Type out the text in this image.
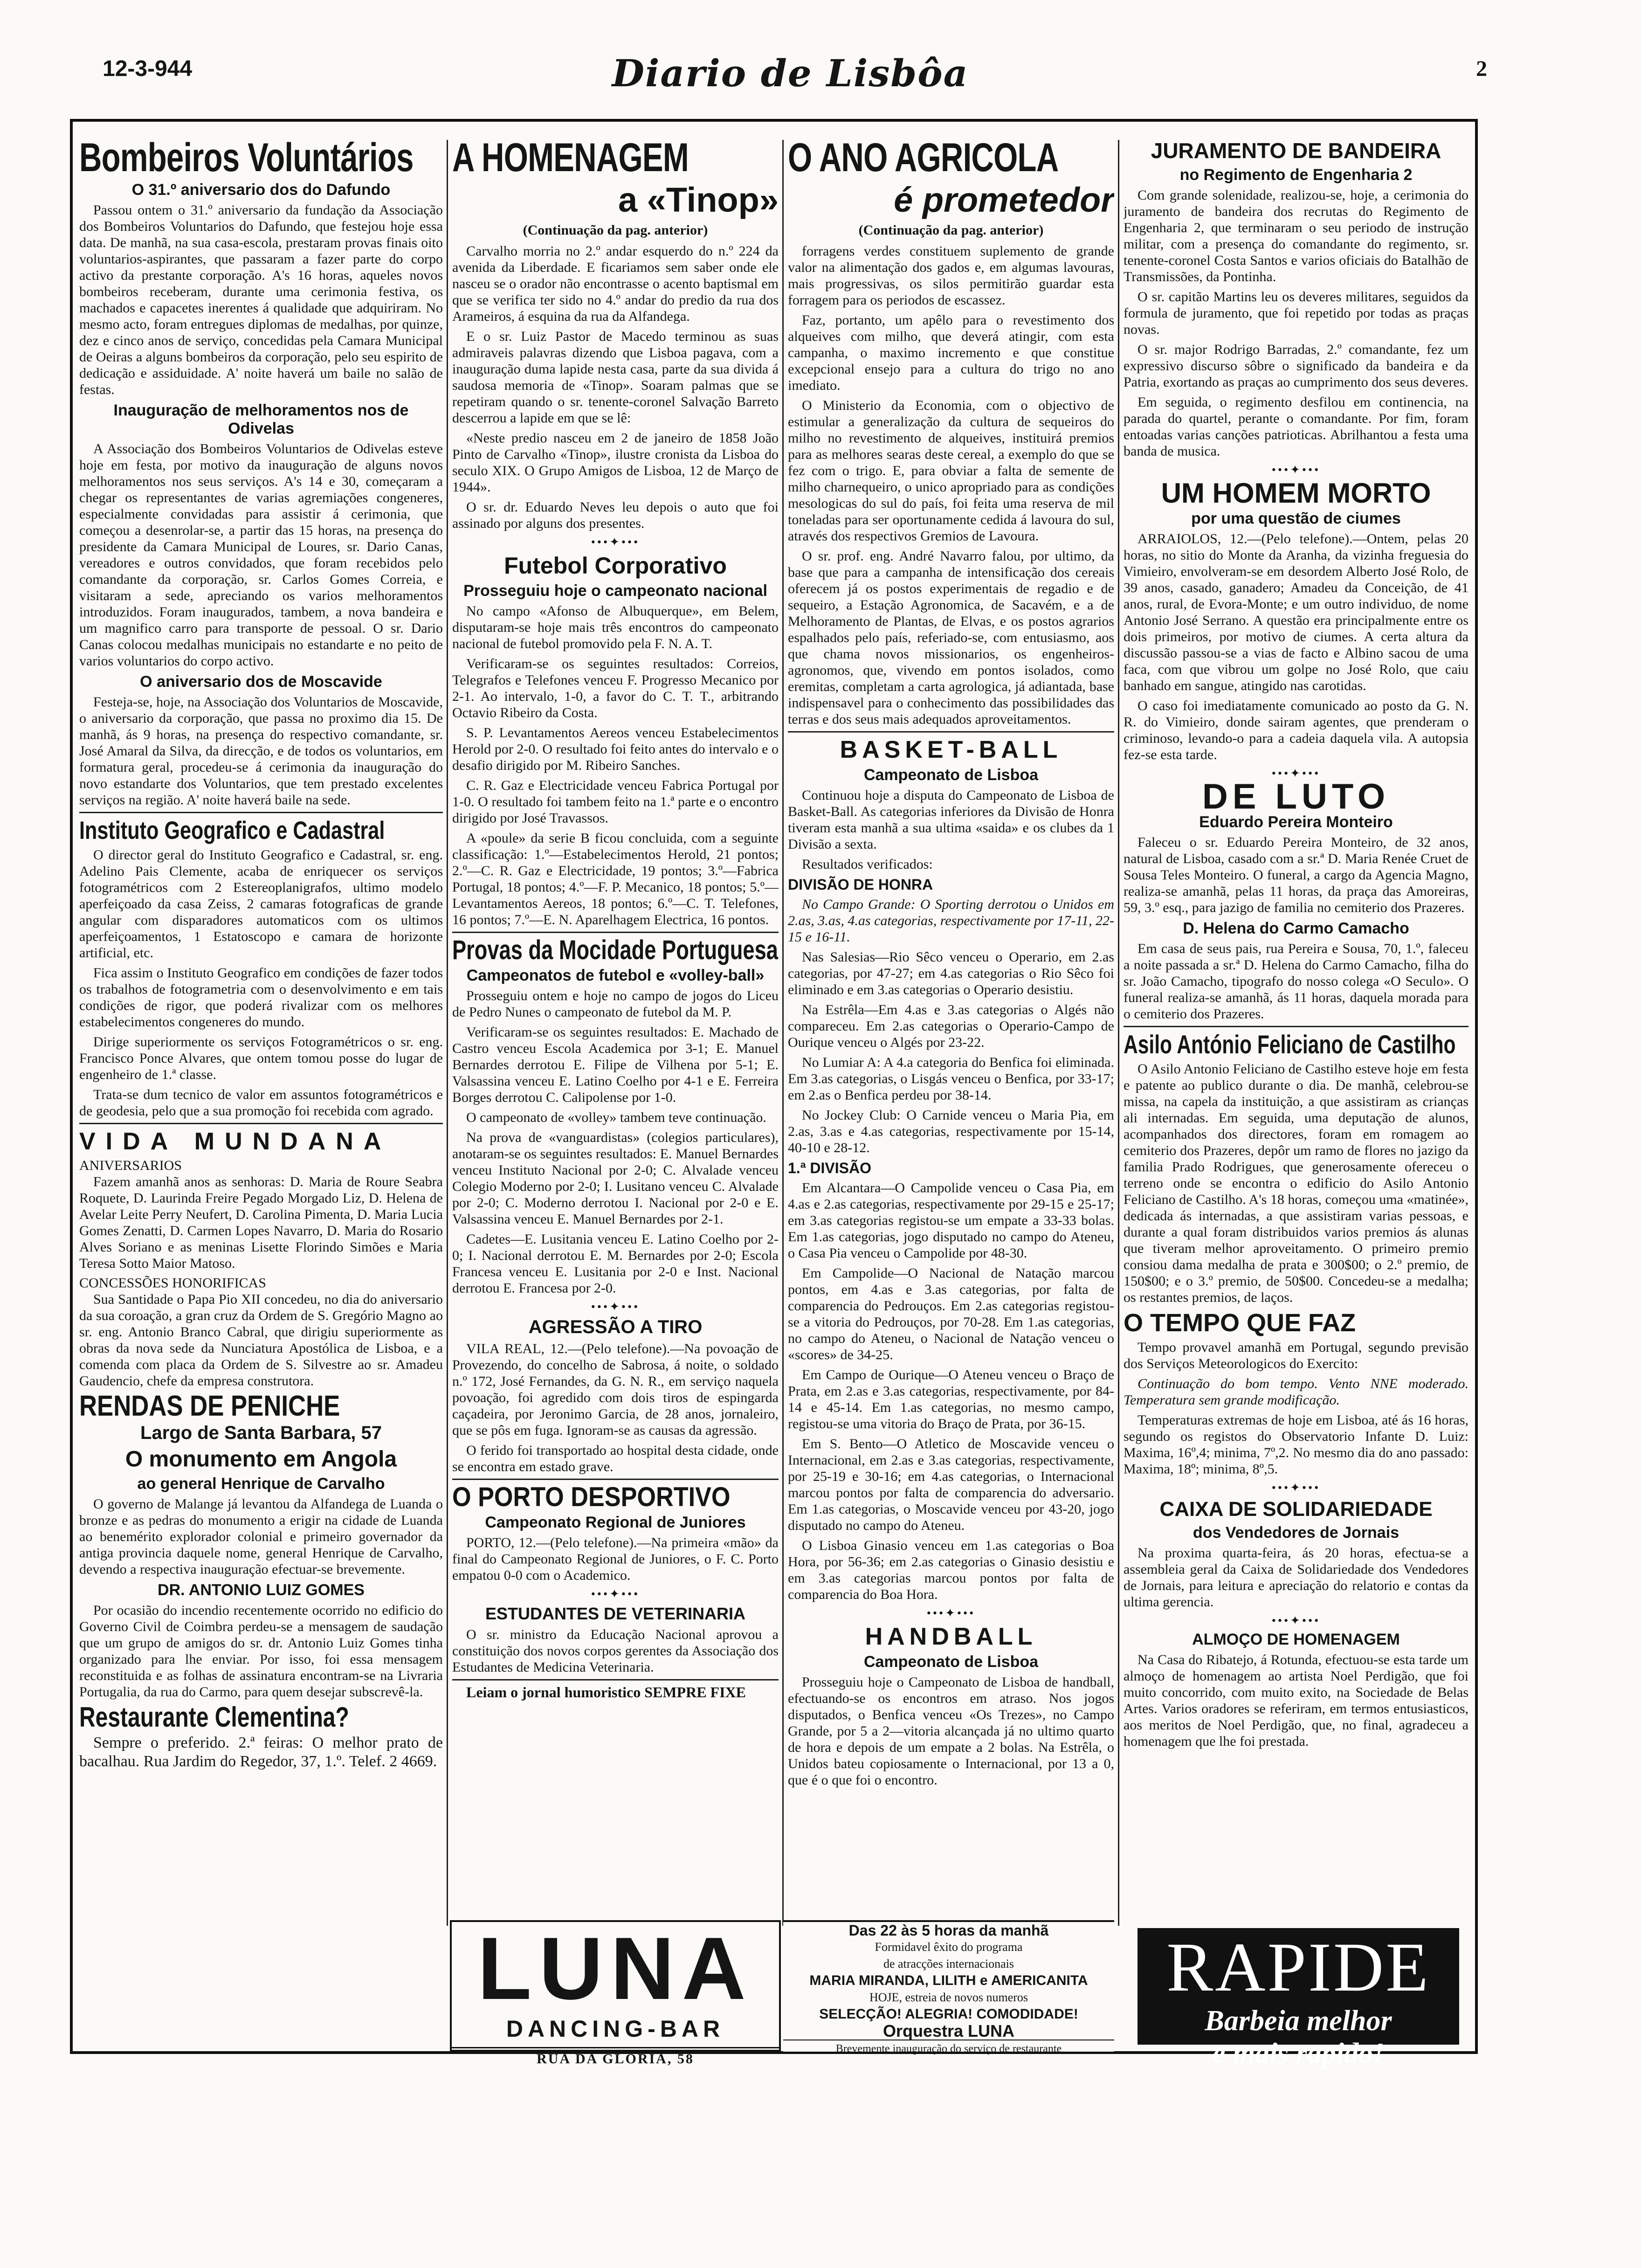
12-3-944	Diario de Lisbôa	2
Bombeiros Voluntários
O 31.º aniversario dos do Dafundo

Passou ontem o 31.º aniversario da fundação da Associação dos Bombeiros Voluntarios do Dafundo, que festejou hoje essa data. De manhã, na sua casa-escola, prestaram provas finais oito voluntarios-aspirantes, que passaram a fazer parte do corpo activo da prestante corporação. A's 16 horas, aqueles novos bombeiros receberam, durante uma cerimonia festiva, os machados e capacetes inerentes á qualidade que adquiriram. No mesmo acto, foram entregues diplomas de medalhas, por quinze, dez e cinco anos de serviço, concedidas pela Camara Municipal de Oeiras a alguns bombeiros da corporação, pelo seu espirito de dedicação e assiduidade. A' noite haverá um baile no salão de festas.

Inauguração de melhoramentos nos de Odivelas

A Associação dos Bombeiros Voluntarios de Odivelas esteve hoje em festa, por motivo da inauguração de alguns novos melhoramentos nos seus serviços. A's 14 e 30, começaram a chegar os representantes de varias agremiações congeneres, especialmente convidadas para assistir á cerimonia, que começou a desenrolar-se, a partir das 15 horas, na presença do presidente da Camara Municipal de Loures, sr. Dario Canas, vereadores e outros convidados, que foram recebidos pelo comandante da corporação, sr. Carlos Gomes Correia, e visitaram a sede, apreciando os varios melhoramentos introduzidos. Foram inaugurados, tambem, a nova bandeira e um magnifico carro para transporte de pessoal. O sr. Dario Canas colocou medalhas municipais no estandarte e no peito de varios voluntarios do corpo activo.

O aniversario dos de Moscavide

Festeja-se, hoje, na Associação dos Voluntarios de Moscavide, o aniversario da corporação, que passa no proximo dia 15. De manhã, ás 9 horas, na presença do respectivo comandante, sr. José Amaral da Silva, da direcção, e de todos os voluntarios, em formatura geral, procedeu-se á cerimonia da inauguração do novo estandarte dos Voluntarios, que tem prestado excelentes serviços na região. A' noite haverá baile na sede.

Instituto Geografico e Cadastral

O director geral do Instituto Geografico e Cadastral, sr. eng. Adelino Pais Clemente, acaba de enriquecer os serviços fotogramétricos com 2 Estereoplanigrafos, ultimo modelo aperfeiçoado da casa Zeiss, 2 camaras fotograficas de grande angular com disparadores automaticos com os ultimos aperfeiçoamentos, 1 Estatoscopo e camara de horizonte artificial, etc.

Fica assim o Instituto Geografico em condições de fazer todos os trabalhos de fotogrametria com o desenvolvimento e em tais condições de rigor, que poderá rivalizar com os melhores estabelecimentos congeneres do mundo.

Dirige superiormente os serviços Fotogramétricos o sr. eng. Francisco Ponce Alvares, que ontem tomou posse do lugar de engenheiro de 1.ª classe.

Trata-se dum tecnico de valor em assuntos fotogramétricos e de geodesia, pelo que a sua promoção foi recebida com agrado.

VIDA MUNDANA
ANIVERSARIOS

Fazem amanhã anos as senhoras: D. Maria de Roure Seabra Roquete, D. Laurinda Freire Pegado Morgado Liz, D. Helena de Avelar Leite Perry Neufert, D. Carolina Pimenta, D. Maria Lucia Gomes Zenatti, D. Carmen Lopes Navarro, D. Maria do Rosario Alves Soriano e as meninas Lisette Florindo Simões e Maria Teresa Sotto Maior Matoso.

CONCESSÕES HONORIFICAS

Sua Santidade o Papa Pio XII concedeu, no dia do aniversario da sua coroação, a gran cruz da Ordem de S. Gregório Magno ao sr. eng. Antonio Branco Cabral, que dirigiu superiormente as obras da nova sede da Nunciatura Apostólica de Lisboa, e a comenda com placa da Ordem de S. Silvestre ao sr. Amadeu Gaudencio, chefe da empresa construtora.

RENDAS DE PENICHE
Largo de Santa Barbara, 57
O monumento em Angola
ao general Henrique de Carvalho

O governo de Malange já levantou da Alfandega de Luanda o bronze e as pedras do monumento a erigir na cidade de Luanda ao benemérito explorador colonial e primeiro governador da antiga provincia daquele nome, general Henrique de Carvalho, devendo a respectiva inauguração efectuar-se brevemente.

DR. ANTONIO LUIZ GOMES

Por ocasião do incendio recentemente ocorrido no edificio do Governo Civil de Coimbra perdeu-se a mensagem de saudação que um grupo de amigos do sr. dr. Antonio Luiz Gomes tinha organizado para lhe enviar. Por isso, foi essa mensagem reconstituida e as folhas de assinatura encontram-se na Livraria Portugalia, da rua do Carmo, para quem desejar subscrevê-la.

Restaurante Clementina?

Sempre o preferido. 2.ª feiras: O melhor prato de bacalhau. Rua Jardim do Regedor, 37, 1.º. Telef. 2 4669.

A HOMENAGEM
a «Tinop»
(Continuação da pag. anterior)

Carvalho morria no 2.º andar esquerdo do n.º 224 da avenida da Liberdade. E ficariamos sem saber onde ele nasceu se o orador não encontrasse o acento baptismal em que se verifica ter sido no 4.º andar do predio da rua dos Arameiros, á esquina da rua da Alfandega.

E o sr. Luiz Pastor de Macedo terminou as suas admiraveis palavras dizendo que Lisboa pagava, com a inauguração duma lapide nesta casa, parte da sua divida á saudosa memoria de «Tinop». Soaram palmas que se repetiram quando o sr. tenente-coronel Salvação Barreto descerrou a lapide em que se lê:

«Neste predio nasceu em 2 de janeiro de 1858 João Pinto de Carvalho «Tinop», ilustre cronista da Lisboa do seculo XIX. O Grupo Amigos de Lisboa, 12 de Março de 1944».

O sr. dr. Eduardo Neves leu depois o auto que foi assinado por alguns dos presentes.

•••✦•••
Futebol Corporativo
Prosseguiu hoje o campeonato nacional

No campo «Afonso de Albuquerque», em Belem, disputaram-se hoje mais três encontros do campeonato nacional de futebol promovido pela F. N. A. T.

Verificaram-se os seguintes resultados: Correios, Telegrafos e Telefones venceu F. Progresso Mecanico por 2-1. Ao intervalo, 1-0, a favor do C. T. T., arbitrando Octavio Ribeiro da Costa.

S. P. Levantamentos Aereos venceu Estabelecimentos Herold por 2-0. O resultado foi feito antes do intervalo e o desafio dirigido por M. Ribeiro Sanches.

C. R. Gaz e Electricidade venceu Fabrica Portugal por 1-0. O resultado foi tambem feito na 1.ª parte e o encontro dirigido por José Travassos.

A «poule» da serie B ficou concluida, com a seguinte classificação: 1.º—Estabelecimentos Herold, 21 pontos; 2.º—C. R. Gaz e Electricidade, 19 pontos; 3.º—Fabrica Portugal, 18 pontos; 4.º—F. P. Mecanico, 18 pontos; 5.º—Levantamentos Aereos, 18 pontos; 6.º—C. T. Telefones, 16 pontos; 7.º—E. N. Aparelhagem Electrica, 16 pontos.

Provas da Mocidade Portuguesa
Campeonatos de futebol e «volley-ball»

Prosseguiu ontem e hoje no campo de jogos do Liceu de Pedro Nunes o campeonato de futebol da M. P.

Verificaram-se os seguintes resultados: E. Machado de Castro venceu Escola Academica por 3-1; E. Manuel Bernardes derrotou E. Filipe de Vilhena por 5-1; E. Valsassina venceu E. Latino Coelho por 4-1 e E. Ferreira Borges derrotou C. Calipolense por 1-0.

O campeonato de «volley» tambem teve continuação.

Na prova de «vanguardistas» (colegios particulares), anotaram-se os seguintes resultados: E. Manuel Bernardes venceu Instituto Nacional por 2-0; C. Alvalade venceu Colegio Moderno por 2-0; I. Lusitano venceu C. Alvalade por 2-0; C. Moderno derrotou I. Nacional por 2-0 e E. Valsassina venceu E. Manuel Bernardes por 2-1.

Cadetes—E. Lusitania venceu E. Latino Coelho por 2-0; I. Nacional derrotou E. M. Bernardes por 2-0; Escola Francesa venceu E. Lusitania por 2-0 e Inst. Nacional derrotou E. Francesa por 2-0.

•••✦•••
AGRESSÃO A TIRO

VILA REAL, 12.—(Pelo telefone).—Na povoação de Provezendo, do concelho de Sabrosa, á noite, o soldado n.º 172, José Fernandes, da G. N. R., em serviço naquela povoação, foi agredido com dois tiros de espingarda caçadeira, por Jeronimo Garcia, de 28 anos, jornaleiro, que se pôs em fuga. Ignoram-se as causas da agressão.

O ferido foi transportado ao hospital desta cidade, onde se encontra em estado grave.

O PORTO DESPORTIVO
Campeonato Regional de Juniores

PORTO, 12.—(Pelo telefone).—Na primeira «mão» da final do Campeonato Regional de Juniores, o F. C. Porto empatou 0-0 com o Academico.

•••✦•••
ESTUDANTES DE VETERINARIA

O sr. ministro da Educação Nacional aprovou a constituição dos novos corpos gerentes da Associação dos Estudantes de Medicina Veterinaria.

Leiam o jornal humoristico SEMPRE FIXE

O ANO AGRICOLA
é prometedor
(Continuação da pag. anterior)

forragens verdes constituem suplemento de grande valor na alimentação dos gados e, em algumas lavouras, mais progressivas, os silos permitirão guardar esta forragem para os periodos de escassez.

Faz, portanto, um apêlo para o revestimento dos alqueives com milho, que deverá atingir, com esta campanha, o maximo incremento e que constitue excepcional ensejo para a cultura do trigo no ano imediato.

O Ministerio da Economia, com o objectivo de estimular a generalização da cultura de sequeiros do milho no revestimento de alqueives, instituirá premios para as melhores searas deste cereal, a exemplo do que se fez com o trigo. E, para obviar a falta de semente de milho charnequeiro, o unico apropriado para as condições mesologicas do sul do país, foi feita uma reserva de mil toneladas para ser oportunamente cedida á lavoura do sul, através dos respectivos Gremios de Lavoura.

O sr. prof. eng. André Navarro falou, por ultimo, da base que para a campanha de intensificação dos cereais oferecem já os postos experimentais de regadio e de sequeiro, a Estação Agronomica, de Sacavém, e a de Melhoramento de Plantas, de Elvas, e os postos agrarios espalhados pelo país, referiado-se, com entusiasmo, aos que chama novos missionarios, os engenheiros-agronomos, que, vivendo em pontos isolados, como eremitas, completam a carta agrologica, já adiantada, base indispensavel para o conhecimento das possibilidades das terras e dos seus mais adequados aproveitamentos.

BASKET-BALL
Campeonato de Lisboa

Continuou hoje a disputa do Campeonato de Lisboa de Basket-Ball. As categorias inferiores da Divisão de Honra tiveram esta manhã a sua ultima «saida» e os clubes da 1 Divisão a sexta.

Resultados verificados:

DIVISÃO DE HONRA

No Campo Grande: O Sporting derrotou o Unidos em 2.as, 3.as, 4.as categorias, respectivamente por 17-11, 22-15 e 16-11.

Nas Salesias—Rio Sêco venceu o Operario, em 2.as categorias, por 47-27; em 4.as categorias o Rio Sêco foi eliminado e em 3.as categorias o Operario desistiu.

Na Estrêla—Em 4.as e 3.as categorias o Algés não compareceu. Em 2.as categorias o Operario-Campo de Ourique venceu o Algés por 23-22.

No Lumiar A: A 4.a categoria do Benfica foi eliminada. Em 3.as categorias, o Lisgás venceu o Benfica, por 33-17; em 2.as o Benfica perdeu por 38-14.

No Jockey Club: O Carnide venceu o Maria Pia, em 2.as, 3.as e 4.as categorias, respectivamente por 15-14, 40-10 e 28-12.

1.ª DIVISÃO

Em Alcantara—O Campolide venceu o Casa Pia, em 4.as e 2.as categorias, respectivamente por 29-15 e 25-17; em 3.as categorias registou-se um empate a 33-33 bolas. Em 1.as categorias, jogo disputado no campo do Ateneu, o Casa Pia venceu o Campolide por 48-30.

Em Campolide—O Nacional de Natação marcou pontos, em 4.as e 3.as categorias, por falta de comparencia do Pedrouços. Em 2.as categorias registou-se a vitoria do Pedrouços, por 70-28. Em 1.as categorias, no campo do Ateneu, o Nacional de Natação venceu o «scores» de 34-25.

Em Campo de Ourique—O Ateneu venceu o Braço de Prata, em 2.as e 3.as categorias, respectivamente, por 84-14 e 45-14. Em 1.as categorias, no mesmo campo, registou-se uma vitoria do Braço de Prata, por 36-15.

Em S. Bento—O Atletico de Moscavide venceu o Internacional, em 2.as e 3.as categorias, respectivamente, por 25-19 e 30-16; em 4.as categorias, o Internacional marcou pontos por falta de comparencia do adversario. Em 1.as categorias, o Moscavide venceu por 43-20, jogo disputado no campo do Ateneu.

O Lisboa Ginasio venceu em 1.as categorias o Boa Hora, por 56-36; em 2.as categorias o Ginasio desistiu e em 3.as categorias marcou pontos por falta de comparencia do Boa Hora.

•••✦•••
HANDBALL
Campeonato de Lisboa

Prosseguiu hoje o Campeonato de Lisboa de handball, efectuando-se os encontros em atraso. Nos jogos disputados, o Benfica venceu «Os Trezes», no Campo Grande, por 5 a 2—vitoria alcançada já no ultimo quarto de hora e depois de um empate a 2 bolas. Na Estrêla, o Unidos bateu copiosamente o Internacional, por 13 a 0, que é o que foi o encontro.

JURAMENTO DE BANDEIRA
no Regimento de Engenharia 2

Com grande solenidade, realizou-se, hoje, a cerimonia do juramento de bandeira dos recrutas do Regimento de Engenharia 2, que terminaram o seu periodo de instrução militar, com a presença do comandante do regimento, sr. tenente-coronel Costa Santos e varios oficiais do Batalhão de Transmissões, da Pontinha.

O sr. capitão Martins leu os deveres militares, seguidos da formula de juramento, que foi repetido por todas as praças novas.

O sr. major Rodrigo Barradas, 2.º comandante, fez um expressivo discurso sôbre o significado da bandeira e da Patria, exortando as praças ao cumprimento dos seus deveres.

Em seguida, o regimento desfilou em continencia, na parada do quartel, perante o comandante. Por fim, foram entoadas varias canções patrioticas. Abrilhantou a festa uma banda de musica.

•••✦•••
UM HOMEM MORTO
por uma questão de ciumes

ARRAIOLOS, 12.—(Pelo telefone).—Ontem, pelas 20 horas, no sitio do Monte da Aranha, da vizinha freguesia do Vimieiro, envolveram-se em desordem Alberto José Rolo, de 39 anos, casado, ganadero; Amadeu da Conceição, de 41 anos, rural, de Evora-Monte; e um outro individuo, de nome Antonio José Serrano. A questão era principalmente entre os dois primeiros, por motivo de ciumes. A certa altura da discussão passou-se a vias de facto e Albino sacou de uma faca, com que vibrou um golpe no José Rolo, que caiu banhado em sangue, atingido nas carotidas.

O caso foi imediatamente comunicado ao posto da G. N. R. do Vimieiro, donde sairam agentes, que prenderam o criminoso, levando-o para a cadeia daquela vila. A autopsia fez-se esta tarde.

•••✦•••
DE LUTO
Eduardo Pereira Monteiro

Faleceu o sr. Eduardo Pereira Monteiro, de 32 anos, natural de Lisboa, casado com a sr.ª D. Maria Renée Cruet de Sousa Teles Monteiro. O funeral, a cargo da Agencia Magno, realiza-se amanhã, pelas 11 horas, da praça das Amoreiras, 59, 3.º esq., para jazigo de familia no cemiterio dos Prazeres.

D. Helena do Carmo Camacho

Em casa de seus pais, rua Pereira e Sousa, 70, 1.º, faleceu a noite passada a sr.ª D. Helena do Carmo Camacho, filha do sr. João Camacho, tipografo do nosso colega «O Seculo». O funeral realiza-se amanhã, ás 11 horas, daquela morada para o cemiterio dos Prazeres.

Asilo António Feliciano de Castilho

O Asilo Antonio Feliciano de Castilho esteve hoje em festa e patente ao publico durante o dia. De manhã, celebrou-se missa, na capela da instituição, a que assistiram as crianças ali internadas. Em seguida, uma deputação de alunos, acompanhados dos directores, foram em romagem ao cemiterio dos Prazeres, depôr um ramo de flores no jazigo da familia Prado Rodrigues, que generosamente ofereceu o terreno onde se encontra o edificio do Asilo Antonio Feliciano de Castilho. A's 18 horas, começou uma «matinée», dedicada ás internadas, a que assistiram varias pessoas, e durante a qual foram distribuidos varios premios ás alunas que tiveram melhor aproveitamento. O primeiro premio consiou dama medalha de prata e 300$00; o 2.º premio, de 150$00; e o 3.º premio, de 50$00. Concedeu-se a medalha; os restantes premios, de laços.

O TEMPO QUE FAZ

Tempo provavel amanhã em Portugal, segundo previsão dos Serviços Meteorologicos do Exercito:

Continuação do bom tempo. Vento NNE moderado. Temperatura sem grande modificação.

Temperaturas extremas de hoje em Lisboa, até ás 16 horas, segundo os registos do Observatorio Infante D. Luiz: Maxima, 16º,4; minima, 7º,2. No mesmo dia do ano passado: Maxima, 18º; minima, 8º,5.

•••✦•••
CAIXA DE SOLIDARIEDADE
dos Vendedores de Jornais

Na proxima quarta-feira, ás 20 horas, efectua-se a assembleia geral da Caixa de Solidariedade dos Vendedores de Jornais, para leitura e apreciação do relatorio e contas da ultima gerencia.

•••✦•••
ALMOÇO DE HOMENAGEM

Na Casa do Ribatejo, á Rotunda, efectuou-se esta tarde um almoço de homenagem ao artista Noel Perdigão, que foi muito concorrido, com muito exito, na Sociedade de Belas Artes. Varios oradores se referiram, em termos entusiasticos, aos meritos de Noel Perdigão, que, no final, agradeceu a homenagem que lhe foi prestada.

LUNA
DANCING-BAR
RUA DA GLÓRIA, 58
Das 22 às 5 horas da manhã
Formidavel êxito do programa
de atracções internacionais
MARIA MIRANDA, LILITH e AMERICANITA
HOJE, estreia de novos numeros
SELECÇÃO! ALEGRIA! COMODIDADE!
Orquestra LUNA
Brevemente inauguração do serviço de restaurante
RAPIDE
Barbeia melhor
e mais rapido!
